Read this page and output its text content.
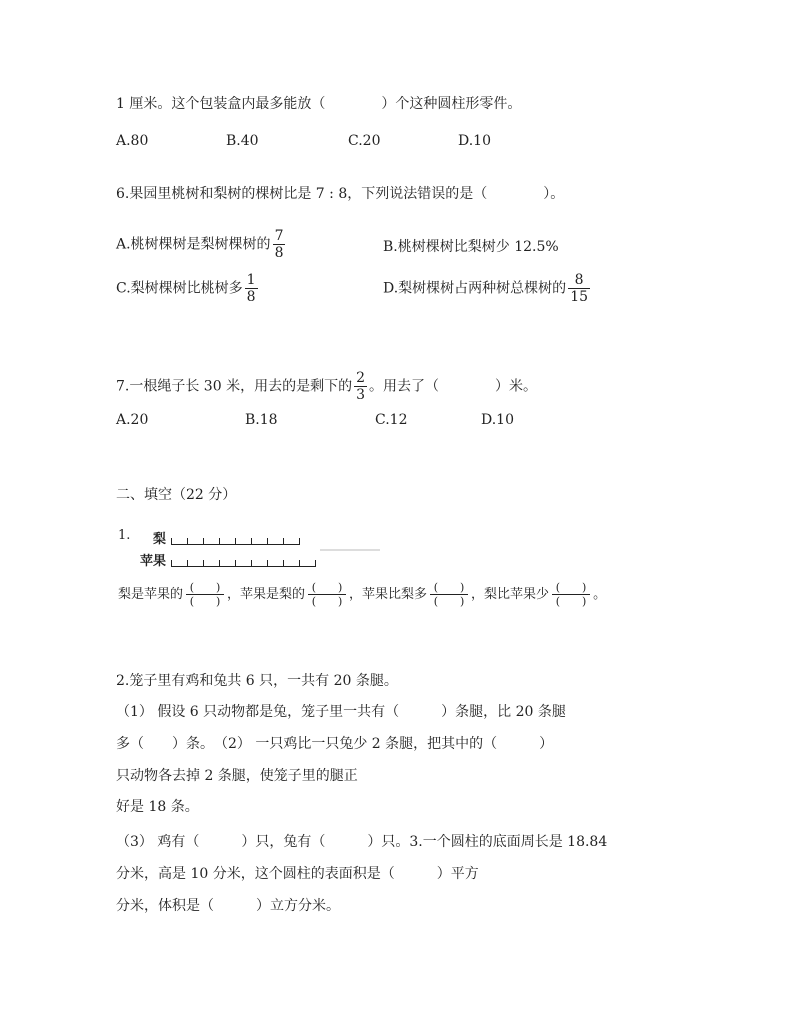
1 厘米。这个包装盒内最多能放（　　　　）个这种圆柱形零件。
A.80	B.40	C.20	D.10
6.果园里桃树和梨树的棵树比是 7 : 8，下列说法错误的是（　　　　）。
A.桃树棵树是梨树棵树的 $\frac{7}{8}$	B.桃树棵树比梨树少 12.5%
C.梨树棵树比桃树多 $\frac{1}{8}$	D.梨树棵树占两种树总棵树的 $\frac{8}{15}$
7.一根绳子长 30 米，用去的是剩下的 $\frac{2}{3}$ 。用去了（　　　　）米。
A.20	B.18	C.12	D.10
二、填空（22 分）
1. 梨
苹果
梨是苹果的 $\frac{( )}{( )}$ ，苹果是梨的 $\frac{( )}{( )}$ ，苹果比梨多 $\frac{( )}{( )}$ ，梨比苹果少 $\frac{( )}{( )}$ 。
2.笼子里有鸡和兔共 6 只，一共有 20 条腿。
（1） 假设 6 只动物都是兔，笼子里一共有（　　　）条腿，比 20 条腿
多（　　）条。　（2） 一只鸡比一只兔少 2 条腿，把其中的（　　　）
只动物各去掉 2 条腿，使笼子里的腿正
好是 18 条。
（3） 鸡有（　　　）只，兔有（　　　）只。3.一个圆柱的底面周长是 18.84
分米，高是 10 分米，这个圆柱的表面积是（　　　）平方
分米，体积是（　　　）立方分米。
